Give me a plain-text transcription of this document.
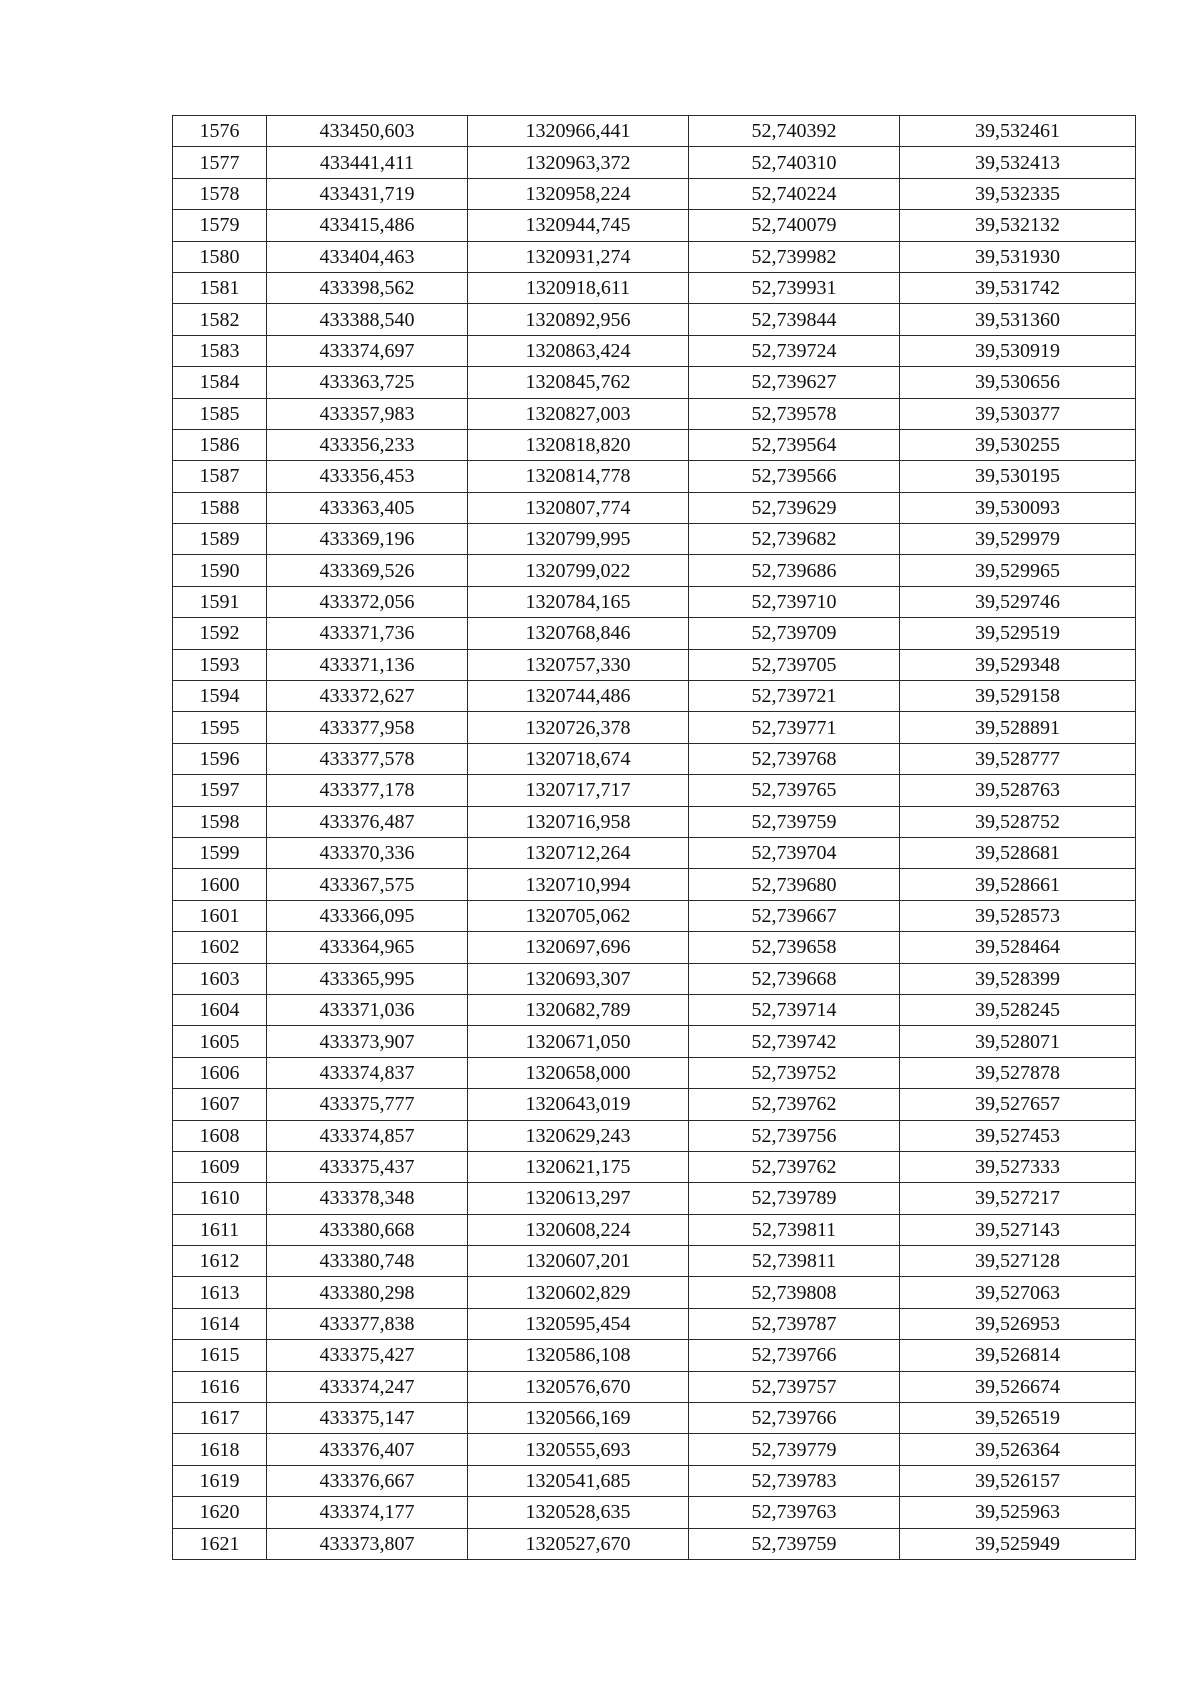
1576	433450,603	1320966,441	52,740392	39,532461
1577	433441,411	1320963,372	52,740310	39,532413
1578	433431,719	1320958,224	52,740224	39,532335
1579	433415,486	1320944,745	52,740079	39,532132
1580	433404,463	1320931,274	52,739982	39,531930
1581	433398,562	1320918,611	52,739931	39,531742
1582	433388,540	1320892,956	52,739844	39,531360
1583	433374,697	1320863,424	52,739724	39,530919
1584	433363,725	1320845,762	52,739627	39,530656
1585	433357,983	1320827,003	52,739578	39,530377
1586	433356,233	1320818,820	52,739564	39,530255
1587	433356,453	1320814,778	52,739566	39,530195
1588	433363,405	1320807,774	52,739629	39,530093
1589	433369,196	1320799,995	52,739682	39,529979
1590	433369,526	1320799,022	52,739686	39,529965
1591	433372,056	1320784,165	52,739710	39,529746
1592	433371,736	1320768,846	52,739709	39,529519
1593	433371,136	1320757,330	52,739705	39,529348
1594	433372,627	1320744,486	52,739721	39,529158
1595	433377,958	1320726,378	52,739771	39,528891
1596	433377,578	1320718,674	52,739768	39,528777
1597	433377,178	1320717,717	52,739765	39,528763
1598	433376,487	1320716,958	52,739759	39,528752
1599	433370,336	1320712,264	52,739704	39,528681
1600	433367,575	1320710,994	52,739680	39,528661
1601	433366,095	1320705,062	52,739667	39,528573
1602	433364,965	1320697,696	52,739658	39,528464
1603	433365,995	1320693,307	52,739668	39,528399
1604	433371,036	1320682,789	52,739714	39,528245
1605	433373,907	1320671,050	52,739742	39,528071
1606	433374,837	1320658,000	52,739752	39,527878
1607	433375,777	1320643,019	52,739762	39,527657
1608	433374,857	1320629,243	52,739756	39,527453
1609	433375,437	1320621,175	52,739762	39,527333
1610	433378,348	1320613,297	52,739789	39,527217
1611	433380,668	1320608,224	52,739811	39,527143
1612	433380,748	1320607,201	52,739811	39,527128
1613	433380,298	1320602,829	52,739808	39,527063
1614	433377,838	1320595,454	52,739787	39,526953
1615	433375,427	1320586,108	52,739766	39,526814
1616	433374,247	1320576,670	52,739757	39,526674
1617	433375,147	1320566,169	52,739766	39,526519
1618	433376,407	1320555,693	52,739779	39,526364
1619	433376,667	1320541,685	52,739783	39,526157
1620	433374,177	1320528,635	52,739763	39,525963
1621	433373,807	1320527,670	52,739759	39,525949
